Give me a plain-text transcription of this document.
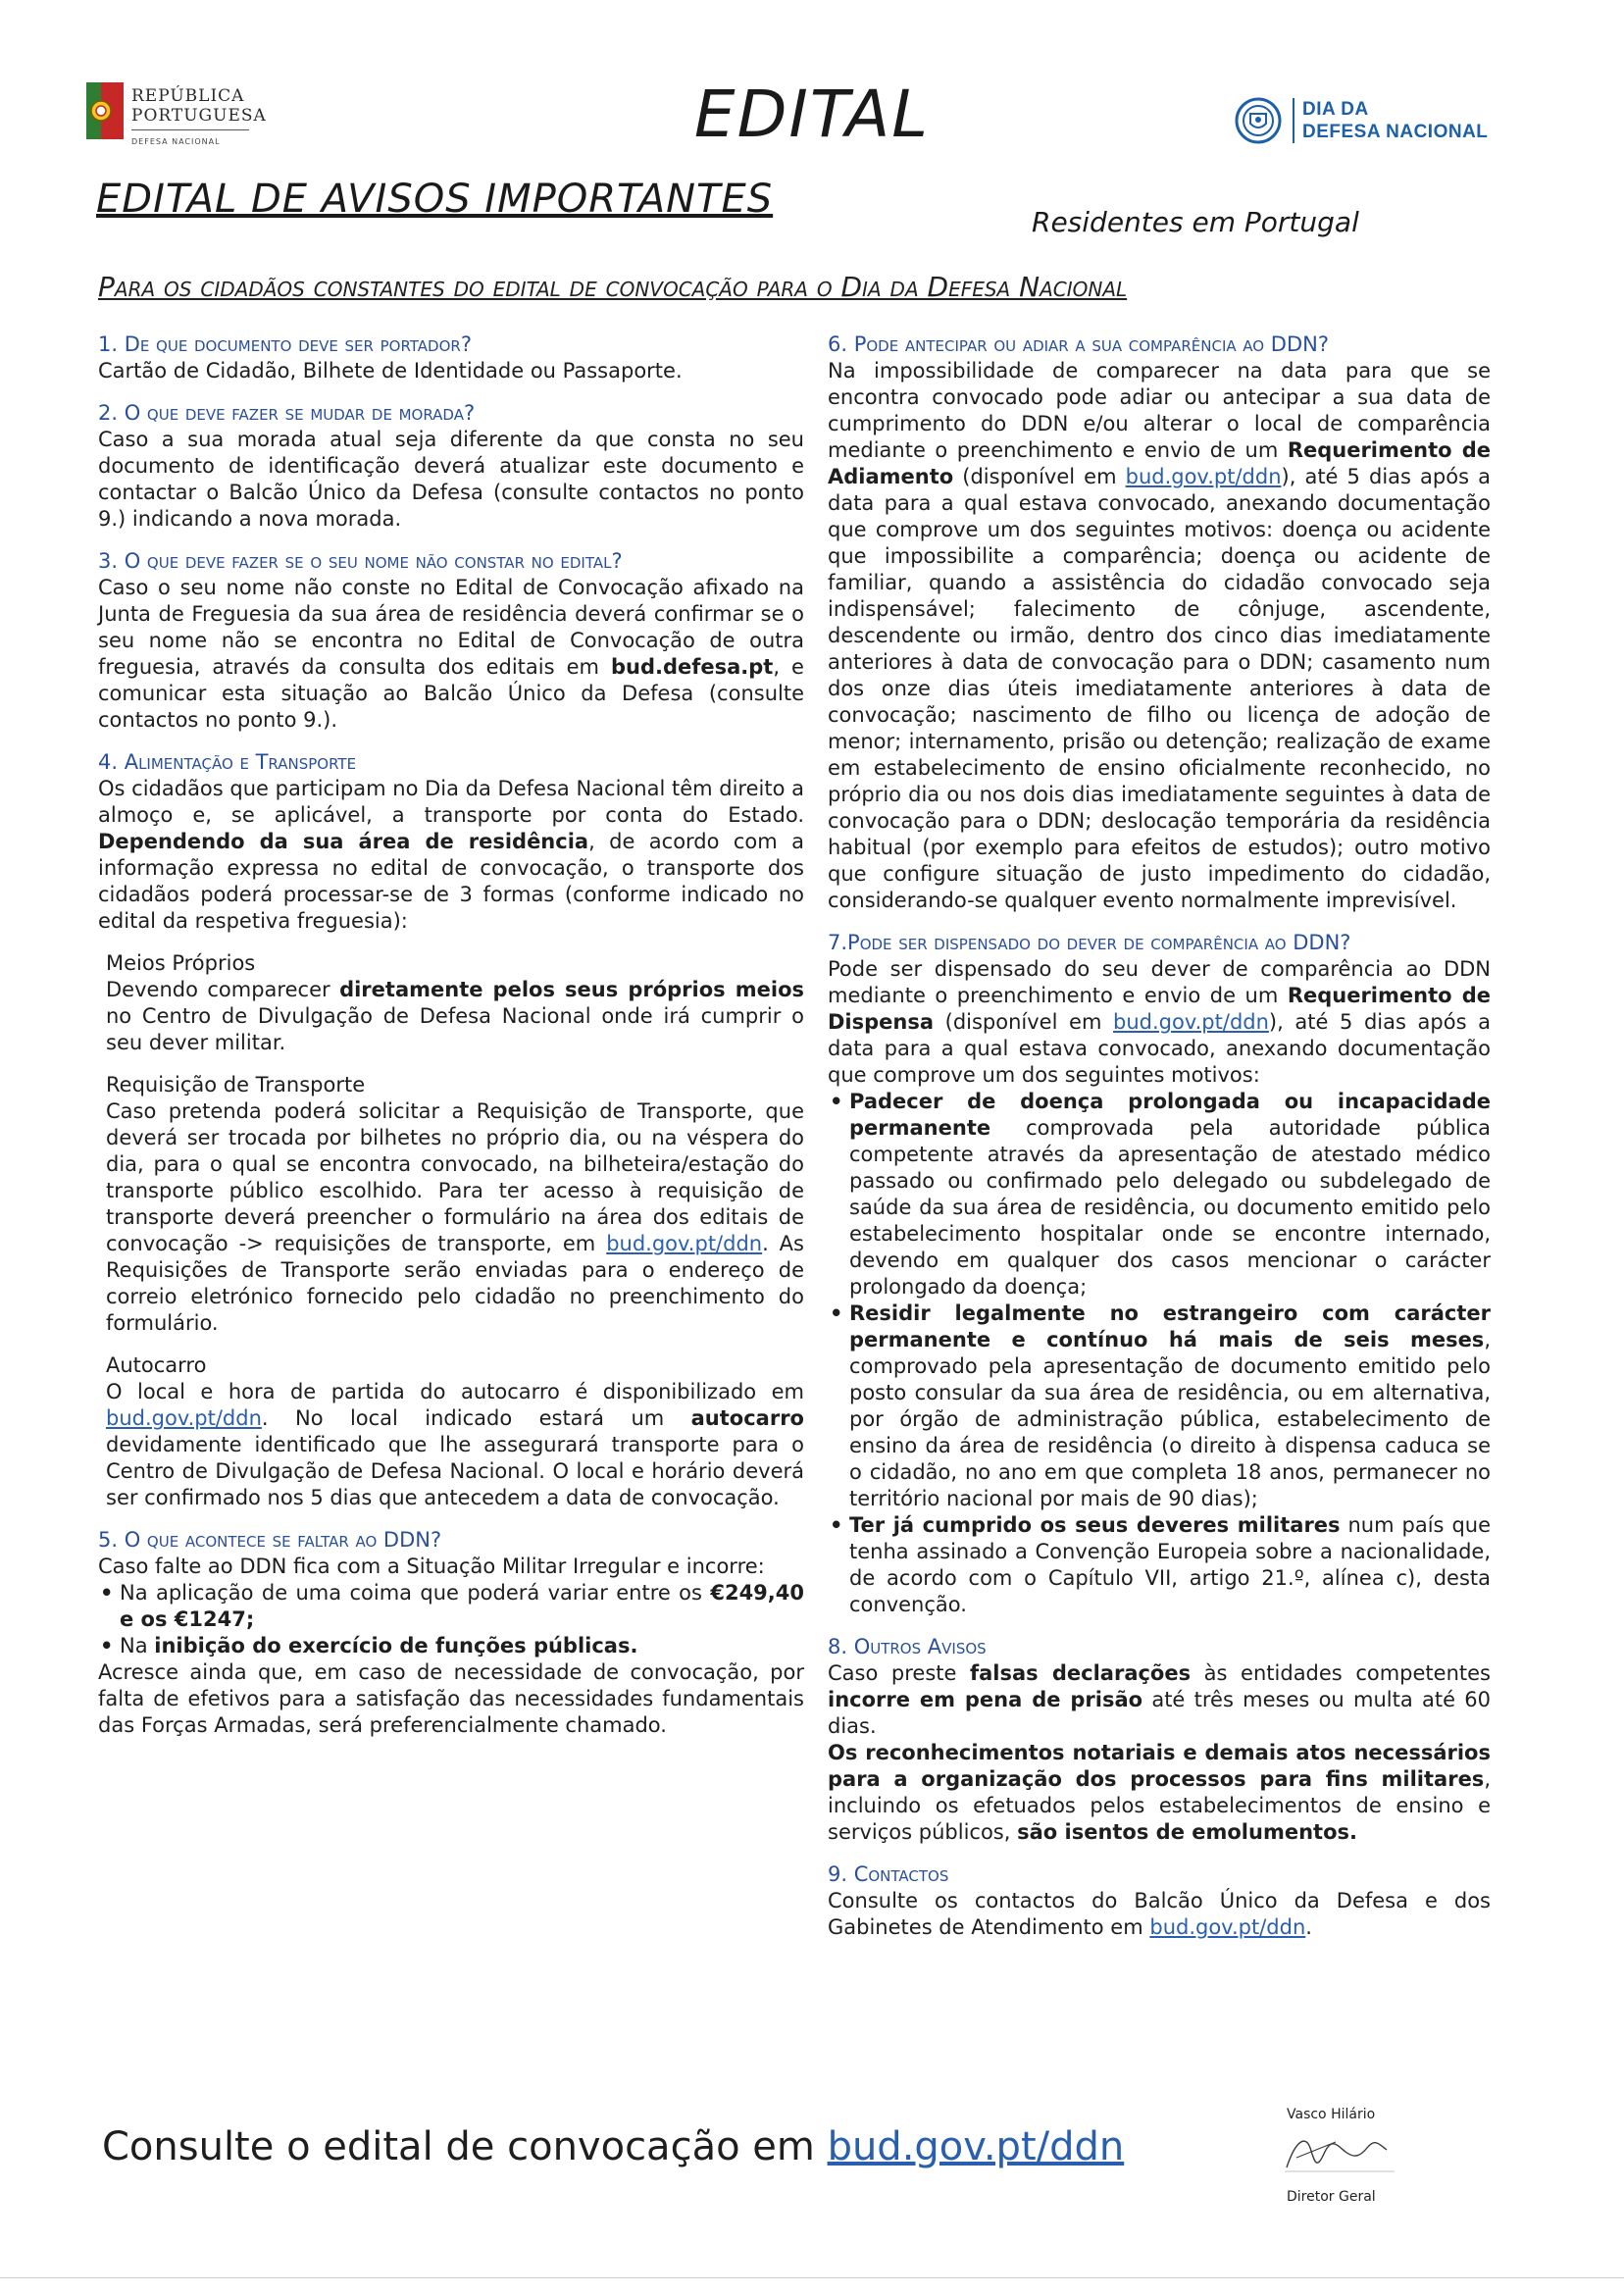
REPÚBLICA
PORTUGUESA
DEFESA NACIONAL	EDITAL	DIA DA
DEFESA NACIONAL
EDITAL DE AVISOS IMPORTANTES
Residentes em Portugal
Para os cidadãos constantes do edital de convocação para o Dia da Defesa Nacional

1. De que documento deve ser portador?

Cartão de Cidadão, Bilhete de Identidade ou Passaporte.

2. O que deve fazer se mudar de morada?

Caso a sua morada atual seja diferente da que consta no seu documento de identificação deverá atualizar este documento e contactar o Balcão Único da Defesa (consulte contactos no ponto 9.) indicando a nova morada.

3. O que deve fazer se o seu nome não constar no edital?

Caso o seu nome não conste no Edital de Convocação afixado na Junta de Freguesia da sua área de residência deverá confirmar se o seu nome não se encontra no Edital de Convocação de outra freguesia, através da consulta dos editais em bud.defesa.pt, e comunicar esta situação ao Balcão Único da Defesa (consulte contactos no ponto 9.).

4. Alimentação e Transporte

Os cidadãos que participam no Dia da Defesa Nacional têm direito a almoço e, se aplicável, a transporte por conta do Estado. Dependendo da sua área de residência, de acordo com a informação expressa no edital de convocação, o transporte dos cidadãos poderá processar-se de 3 formas (conforme indicado no edital da respetiva freguesia):

Meios Próprios

Devendo comparecer diretamente pelos seus próprios meios no Centro de Divulgação de Defesa Nacional onde irá cumprir o seu dever militar.

Requisição de Transporte

Caso pretenda poderá solicitar a Requisição de Transporte, que deverá ser trocada por bilhetes no próprio dia, ou na véspera do dia, para o qual se encontra convocado, na bilheteira/estação do transporte público escolhido. Para ter acesso à requisição de transporte deverá preencher o formulário na área dos editais de convocação -> requisições de transporte, em bud.gov.pt/ddn. As Requisições de Transporte serão enviadas para o endereço de correio eletrónico fornecido pelo cidadão no preenchimento do formulário.

Autocarro

O local e hora de partida do autocarro é disponibilizado em bud.gov.pt/ddn. No local indicado estará um autocarro devidamente identificado que lhe assegurará transporte para o Centro de Divulgação de Defesa Nacional. O local e horário deverá ser confirmado nos 5 dias que antecedem a data de convocação.

5. O que acontece se faltar ao DDN?

Caso falte ao DDN fica com a Situação Militar Irregular e incorre:

• Na aplicação de uma coima que poderá variar entre os €249,40 e os €1247;
• Na inibição do exercício de funções públicas.

Acresce ainda que, em caso de necessidade de convocação, por falta de efetivos para a satisfação das necessidades fundamentais das Forças Armadas, será preferencialmente chamado.

6. Pode antecipar ou adiar a sua comparência ao DDN?

Na impossibilidade de comparecer na data para que se encontra convocado pode adiar ou antecipar a sua data de cumprimento do DDN e/ou alterar o local de comparência mediante o preenchimento e envio de um Requerimento de Adiamento (disponível em bud.gov.pt/ddn), até 5 dias após a data para a qual estava convocado, anexando documentação que comprove um dos seguintes motivos: doença ou acidente que impossibilite a comparência; doença ou acidente de familiar, quando a assistência do cidadão convocado seja indispensável; falecimento de cônjuge, ascendente, descendente ou irmão, dentro dos cinco dias imediatamente anteriores à data de convocação para o DDN; casamento num dos onze dias úteis imediatamente anteriores à data de convocação; nascimento de filho ou licença de adoção de menor; internamento, prisão ou detenção; realização de exame em estabelecimento de ensino oficialmente reconhecido, no próprio dia ou nos dois dias imediatamente seguintes à data de convocação para o DDN; deslocação temporária da residência habitual (por exemplo para efeitos de estudos); outro motivo que configure situação de justo impedimento do cidadão, considerando-se qualquer evento normalmente imprevisível.

7.Pode ser dispensado do dever de comparência ao DDN?

Pode ser dispensado do seu dever de comparência ao DDN mediante o preenchimento e envio de um Requerimento de Dispensa (disponível em bud.gov.pt/ddn), até 5 dias após a data para a qual estava convocado, anexando documentação que comprove um dos seguintes motivos:

• Padecer de doença prolongada ou incapacidade permanente comprovada pela autoridade pública competente através da apresentação de atestado médico passado ou confirmado pelo delegado ou subdelegado de saúde da sua área de residência, ou documento emitido pelo estabelecimento hospitalar onde se encontre internado, devendo em qualquer dos casos mencionar o carácter prolongado da doença;
• Residir legalmente no estrangeiro com carácter permanente e contínuo há mais de seis meses, comprovado pela apresentação de documento emitido pelo posto consular da sua área de residência, ou em alternativa, por órgão de administração pública, estabelecimento de ensino da área de residência (o direito à dispensa caduca se o cidadão, no ano em que completa 18 anos, permanecer no território nacional por mais de 90 dias);
• Ter já cumprido os seus deveres militares num país que tenha assinado a Convenção Europeia sobre a nacionalidade, de acordo com o Capítulo VII, artigo 21.º, alínea c), desta convenção.

8. Outros Avisos

Caso preste falsas declarações às entidades competentes incorre em pena de prisão até três meses ou multa até 60 dias.

Os reconhecimentos notariais e demais atos necessários para a organização dos processos para fins militares, incluindo os efetuados pelos estabelecimentos de ensino e serviços públicos, são isentos de emolumentos.

9. Contactos

Consulte os contactos do Balcão Único da Defesa e dos Gabinetes de Atendimento em bud.gov.pt/ddn.

Consulte o edital de convocação em bud.gov.pt/ddn
Vasco Hilário
Diretor Geral
